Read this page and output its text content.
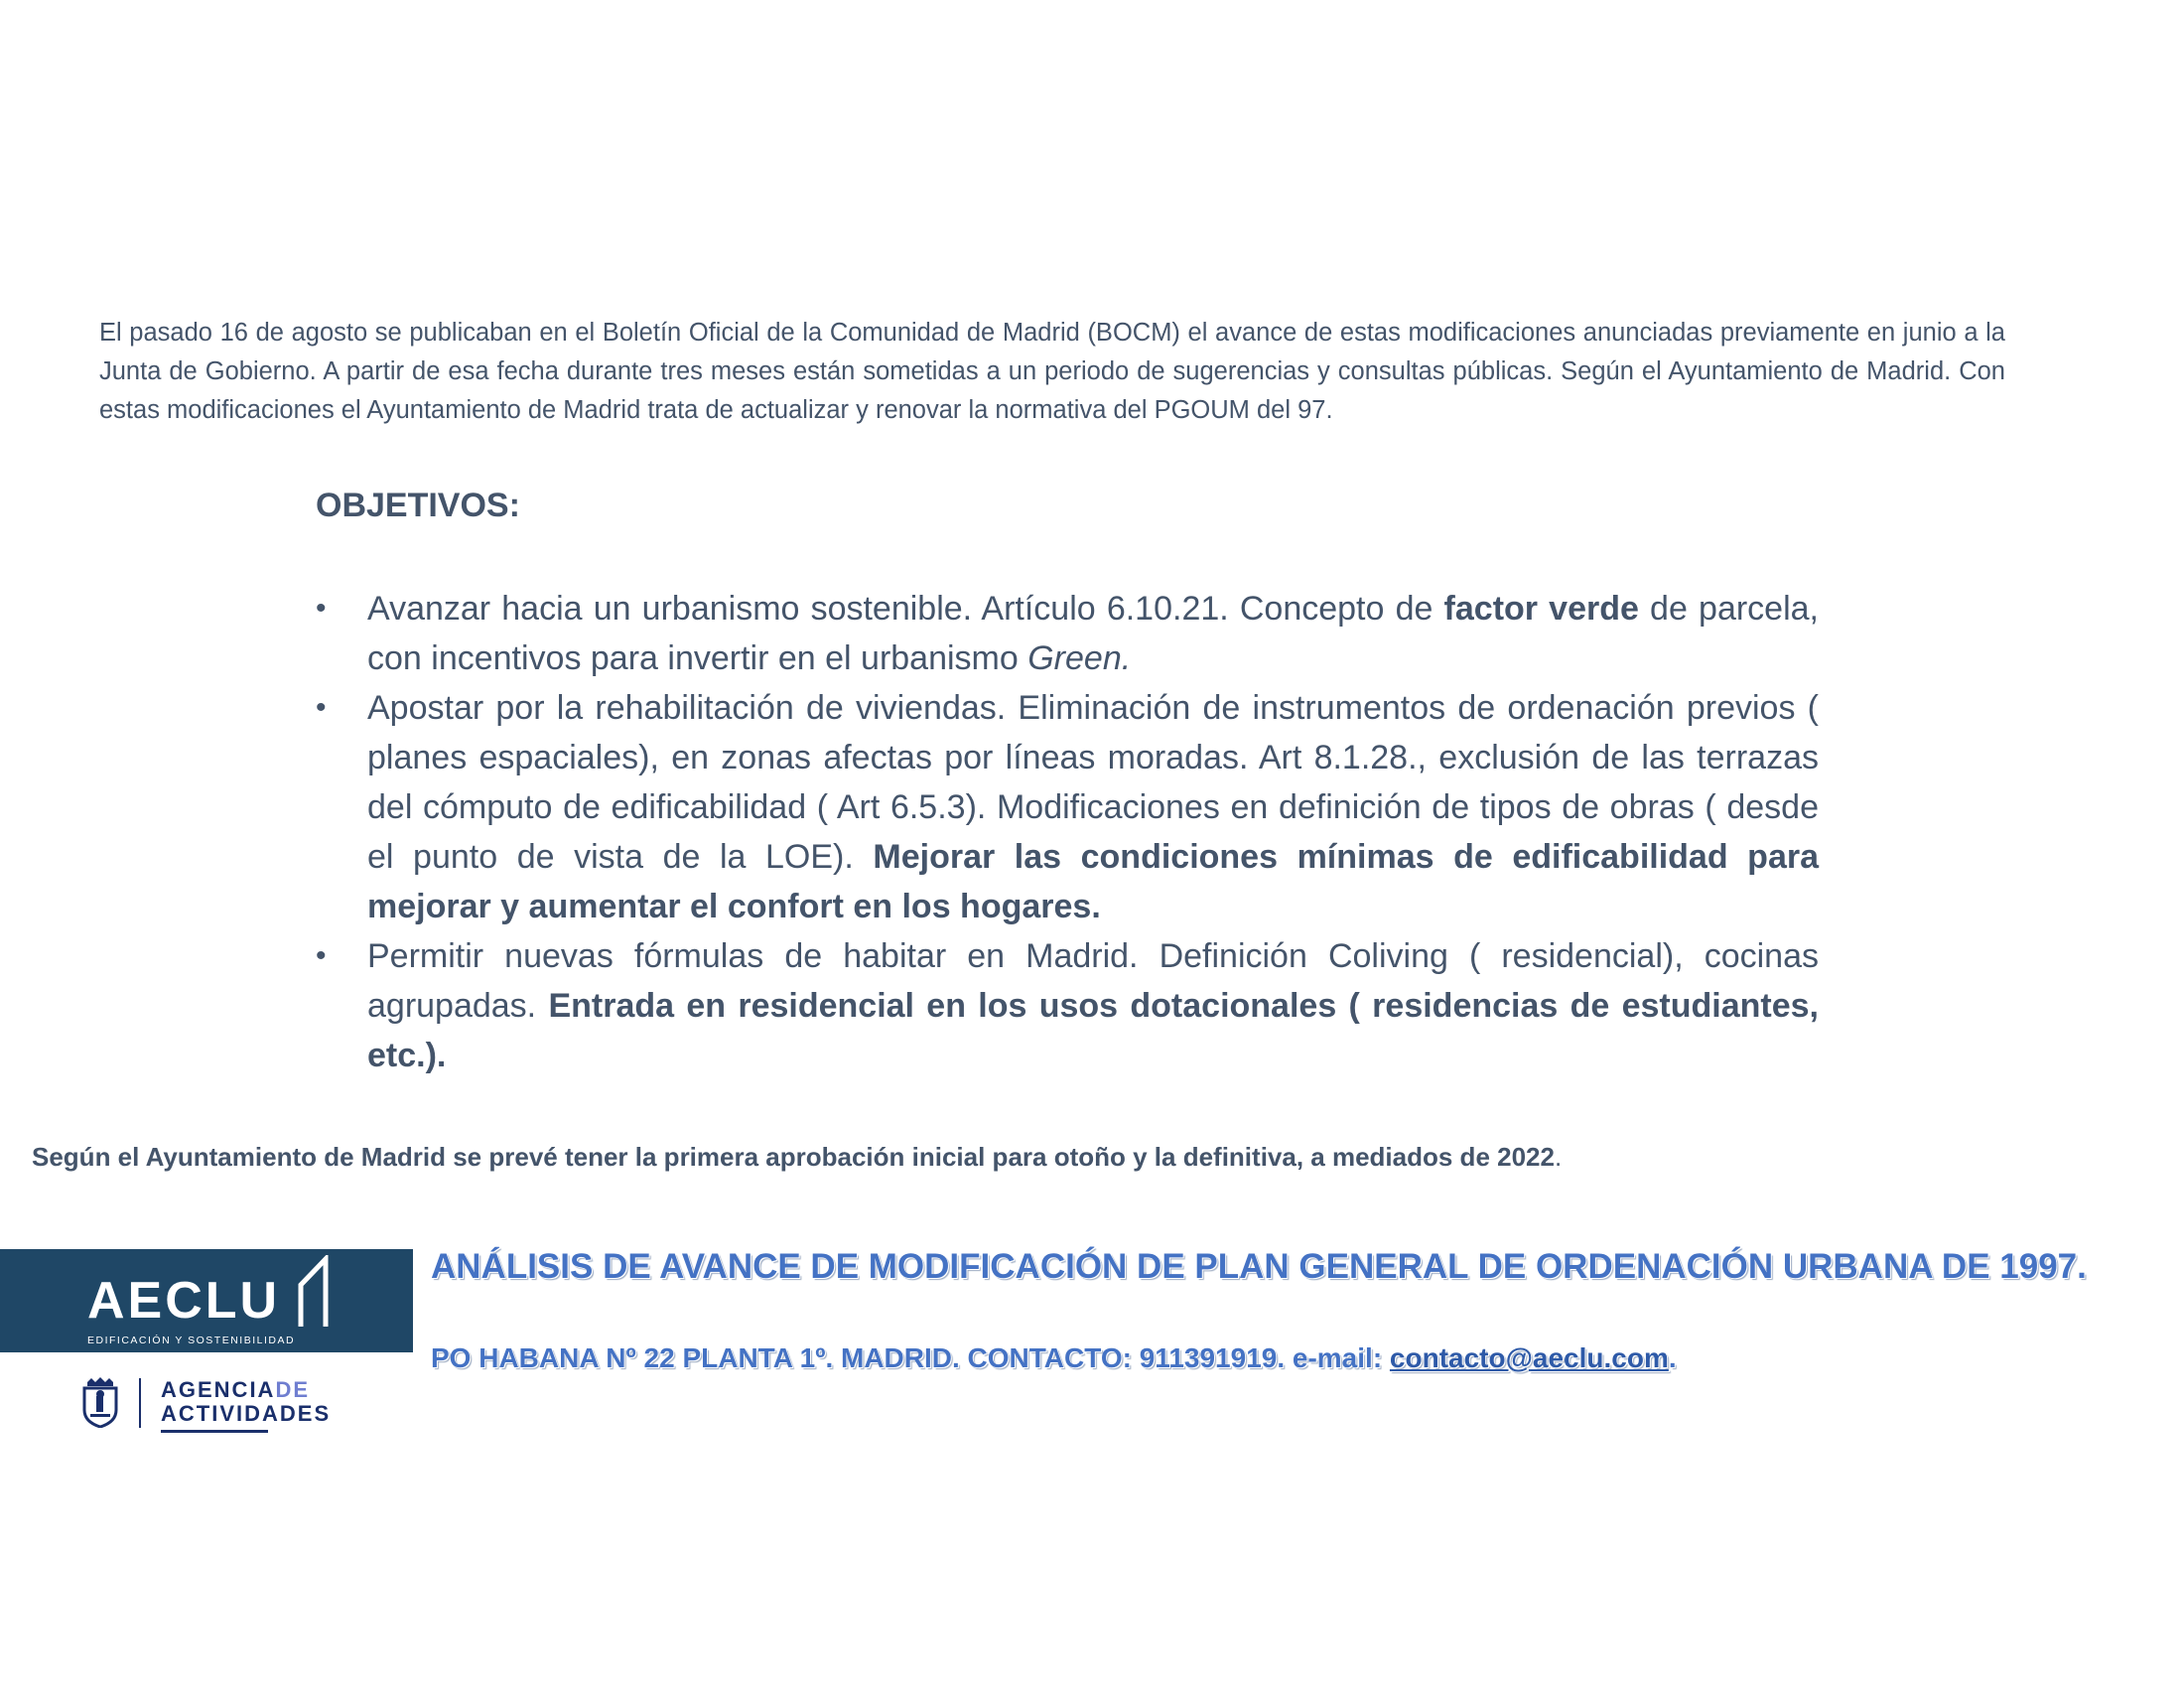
El pasado 16 de agosto se publicaban en el Boletín Oficial de la Comunidad de Madrid (BOCM) el avance de estas modificaciones anunciadas previamente en junio a la Junta de Gobierno. A partir de esa fecha durante tres meses están sometidas a un periodo de sugerencias y consultas públicas. Según el Ayuntamiento de Madrid. Con estas modificaciones el Ayuntamiento de Madrid trata de actualizar y renovar la normativa del PGOUM del 97.

OBJETIVOS:
•	Avanzar hacia un urbanismo sostenible. Artículo 6.10.21. Concepto de factor verde de parcela, con incentivos para invertir en el urbanismo Green.
•	Apostar por la rehabilitación de viviendas. Eliminación de instrumentos de ordenación previos ( planes espaciales), en zonas afectas por líneas moradas. Art 8.1.28., exclusión de las terrazas del cómputo de edificabilidad ( Art 6.5.3). Modificaciones en definición de tipos de obras ( desde el punto de vista de la LOE). Mejorar las condiciones mínimas de edificabilidad para mejorar y aumentar el confort en los hogares.
•	Permitir nuevas fórmulas de habitar en Madrid. Definición Coliving ( residencial), cocinas agrupadas. Entrada en residencial en los usos dotacionales ( residencias de estudiantes, etc.).

Según el Ayuntamiento de Madrid se prevé tener la primera aprobación inicial para otoño y la definitiva, a mediados de 2022.

AECLU
EDIFICACIÓN Y SOSTENIBILIDAD
AGENCIADE
ACTIVIDADES

ANÁLISIS DE AVANCE DE MODIFICACIÓN DE PLAN GENERAL DE ORDENACIÓN URBANA DE 1997.

PO HABANA Nº 22 PLANTA 1º. MADRID. CONTACTO: 911391919. e-mail: contacto@aeclu.com.
